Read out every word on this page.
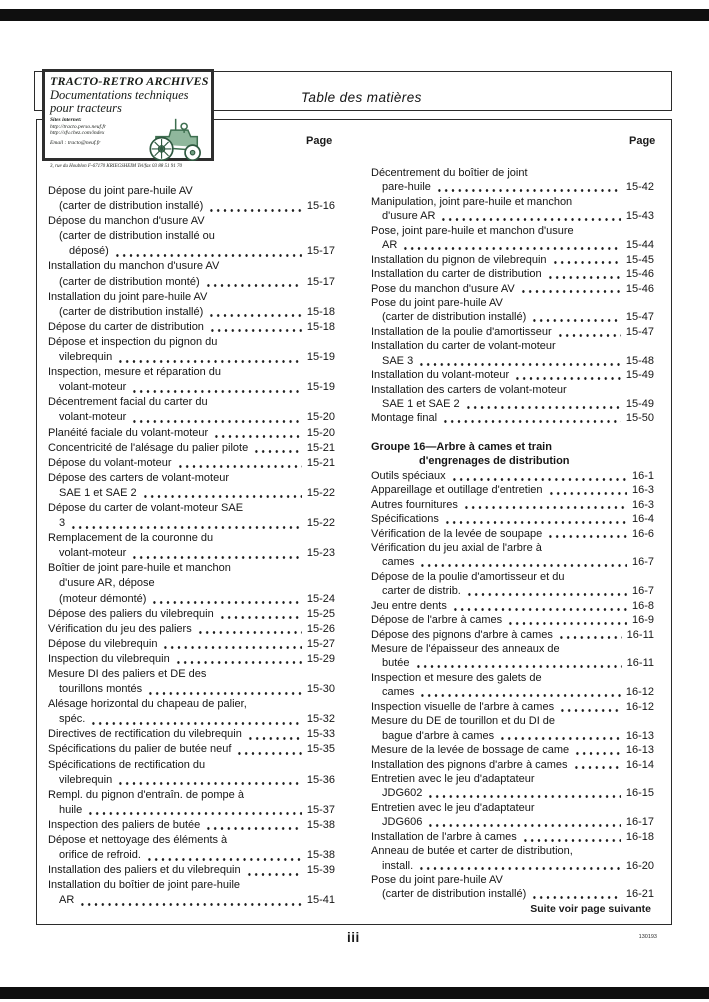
Table des matières
Page	Page
Dépose du joint pare-huile AV
(carter de distribution installé)	15-16
Dépose du manchon d'usure AV
(carter de distribution installé ou
déposé)	15-17
Installation du manchon d'usure AV
(carter de distribution monté)	15-17
Installation du joint pare-huile AV
(carter de distribution installé)	15-18
Dépose du carter de distribution	15-18
Dépose et inspection du pignon du
vilebrequin	15-19
Inspection, mesure et réparation du
volant-moteur	15-19
Décentrement facial du carter du
volant-moteur	15-20
Planéité faciale du volant-moteur	15-20
Concentricité de l'alésage du palier pilote	15-21
Dépose du volant-moteur	15-21
Dépose des carters de volant-moteur
SAE 1 et SAE 2	15-22
Dépose du carter de volant-moteur SAE
3	15-22
Remplacement de la couronne du
volant-moteur	15-23
Boîtier de joint pare-huile et manchon
d'usure AR, dépose
(moteur démonté)	15-24
Dépose des paliers du vilebrequin	15-25
Vérification du jeu des paliers	15-26
Dépose du vilebrequin	15-27
Inspection du vilebrequin	15-29
Mesure DI des paliers et DE des
tourillons montés	15-30
Alésage horizontal du chapeau de palier,
spéc.	15-32
Directives de rectification du vilebrequin	15-33
Spécifications du palier de butée neuf	15-35
Spécifications de rectification du
vilebrequin	15-36
Rempl. du pignon d'entraîn. de pompe à
huile	15-37
Inspection des paliers de butée	15-38
Dépose et nettoyage des éléments à
orifice de refroid.	15-38
Installation des paliers et du vilebrequin	15-39
Installation du boîtier de joint pare-huile
AR	15-41
Décentrement du boîtier de joint
pare-huile	15-42
Manipulation, joint pare-huile et manchon
d'usure AR	15-43
Pose, joint pare-huile et manchon d'usure
AR	15-44
Installation du pignon de vilebrequin	15-45
Installation du carter de distribution	15-46
Pose du manchon d'usure AV	15-46
Pose du joint pare-huile AV
(carter de distribution installé)	15-47
Installation de la poulie d'amortisseur	15-47
Installation du carter de volant-moteur
SAE 3	15-48
Installation du volant-moteur	15-49
Installation des carters de volant-moteur
SAE 1 et SAE 2	15-49
Montage final	15-50
Groupe 16—Arbre à cames et train
d'engrenages de distribution
Outils spéciaux	16-1
Appareillage et outillage d'entretien	16-3
Autres fournitures	16-3
Spécifications	16-4
Vérification de la levée de soupape	16-6
Vérification du jeu axial de l'arbre à
cames	16-7
Dépose de la poulie d'amortisseur et du
carter de distrib.	16-7
Jeu entre dents	16-8
Dépose de l'arbre à cames	16-9
Dépose des pignons d'arbre à cames	16-11
Mesure de l'épaisseur des anneaux de
butée	16-11
Inspection et mesure des galets de
cames	16-12
Inspection visuelle de l'arbre à cames	16-12
Mesure du DE de tourillon et du DI de
bague d'arbre à cames	16-13
Mesure de la levée de bossage de came	16-13
Installation des pignons d'arbre à cames	16-14
Entretien avec le jeu d'adaptateur
JDG602	16-15
Entretien avec le jeu d'adaptateur
JDG606	16-17
Installation de l'arbre à cames	16-18
Anneau de butée et carter de distribution,
install.	16-20
Pose du joint pare-huile AV
(carter de distribution installé)	16-21
Suite voir page suivante
TRACTO-RETRO ARCHIVES
Documentations techniques
pour tracteurs
Sites internet:
http://tracto.perso.neuf.fr
http://sfv.chez.com/index
Email : tracto@neuf.fr
3, rue du Houblon F-67170 KRIEGSHEIM Tel/fax 03 88 51 91 70
iii	130193
